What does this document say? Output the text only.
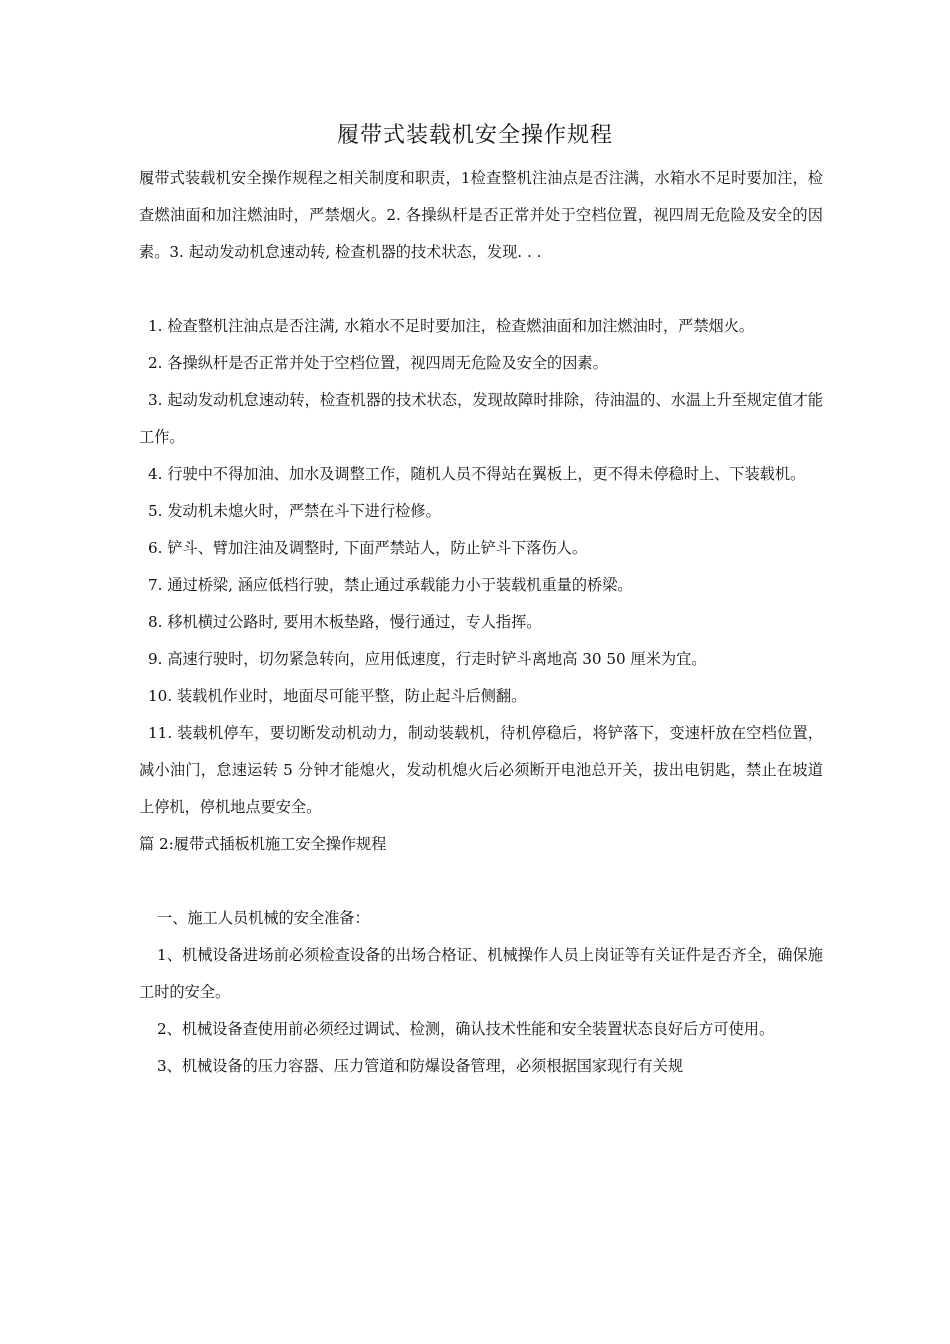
履带式装载机安全操作规程

履带式装载机安全操作规程之相关制度和职责，1检查整机注油点是否注满，水箱水不足时要加注，检查燃油面和加注燃油时，严禁烟火。2. 各操纵杆是否正常并处于空档位置，视四周无危险及安全的因素。3. 起动发动机怠速动转, 检查机器的技术状态，发现. . .

1. 检查整机注油点是否注满, 水箱水不足时要加注，检查燃油面和加注燃油时，严禁烟火。

2. 各操纵杆是否正常并处于空档位置，视四周无危险及安全的因素。

3. 起动发动机怠速动转，检查机器的技术状态，发现故障时排除，待油温的、水温上升至规定值才能工作。

4. 行驶中不得加油、加水及调整工作，随机人员不得站在翼板上，更不得未停稳时上、下装载机。

5. 发动机未熄火时，严禁在斗下进行检修。

6. 铲斗、臂加注油及调整时, 下面严禁站人，防止铲斗下落伤人。

7. 通过桥梁, 涵应低档行驶，禁止通过承载能力小于装载机重量的桥梁。

8. 移机横过公路时, 要用木板垫路，慢行通过，专人指挥。

9. 高速行驶时，切勿紧急转向，应用低速度，行走时铲斗离地高 30 50 厘米为宜。

10. 装载机作业时，地面尽可能平整，防止起斗后侧翻。

11. 装载机停车，要切断发动机动力，制动装载机，待机停稳后，将铲落下，变速杆放在空档位置，减小油门，怠速运转 5 分钟才能熄火，发动机熄火后必须断开电池总开关，拔出电钥匙，禁止在坡道上停机，停机地点要安全。

篇 2:履带式插板机施工安全操作规程

一、施工人员机械的安全准备：

1、机械设备进场前必须检查设备的出场合格证、机械操作人员上岗证等有关证件是否齐全，确保施工时的安全。

2、机械设备查使用前必须经过调试、检测，确认技术性能和安全装置状态良好后方可使用。

3、机械设备的压力容器、压力管道和防爆设备管理，必须根据国家现行有关规
